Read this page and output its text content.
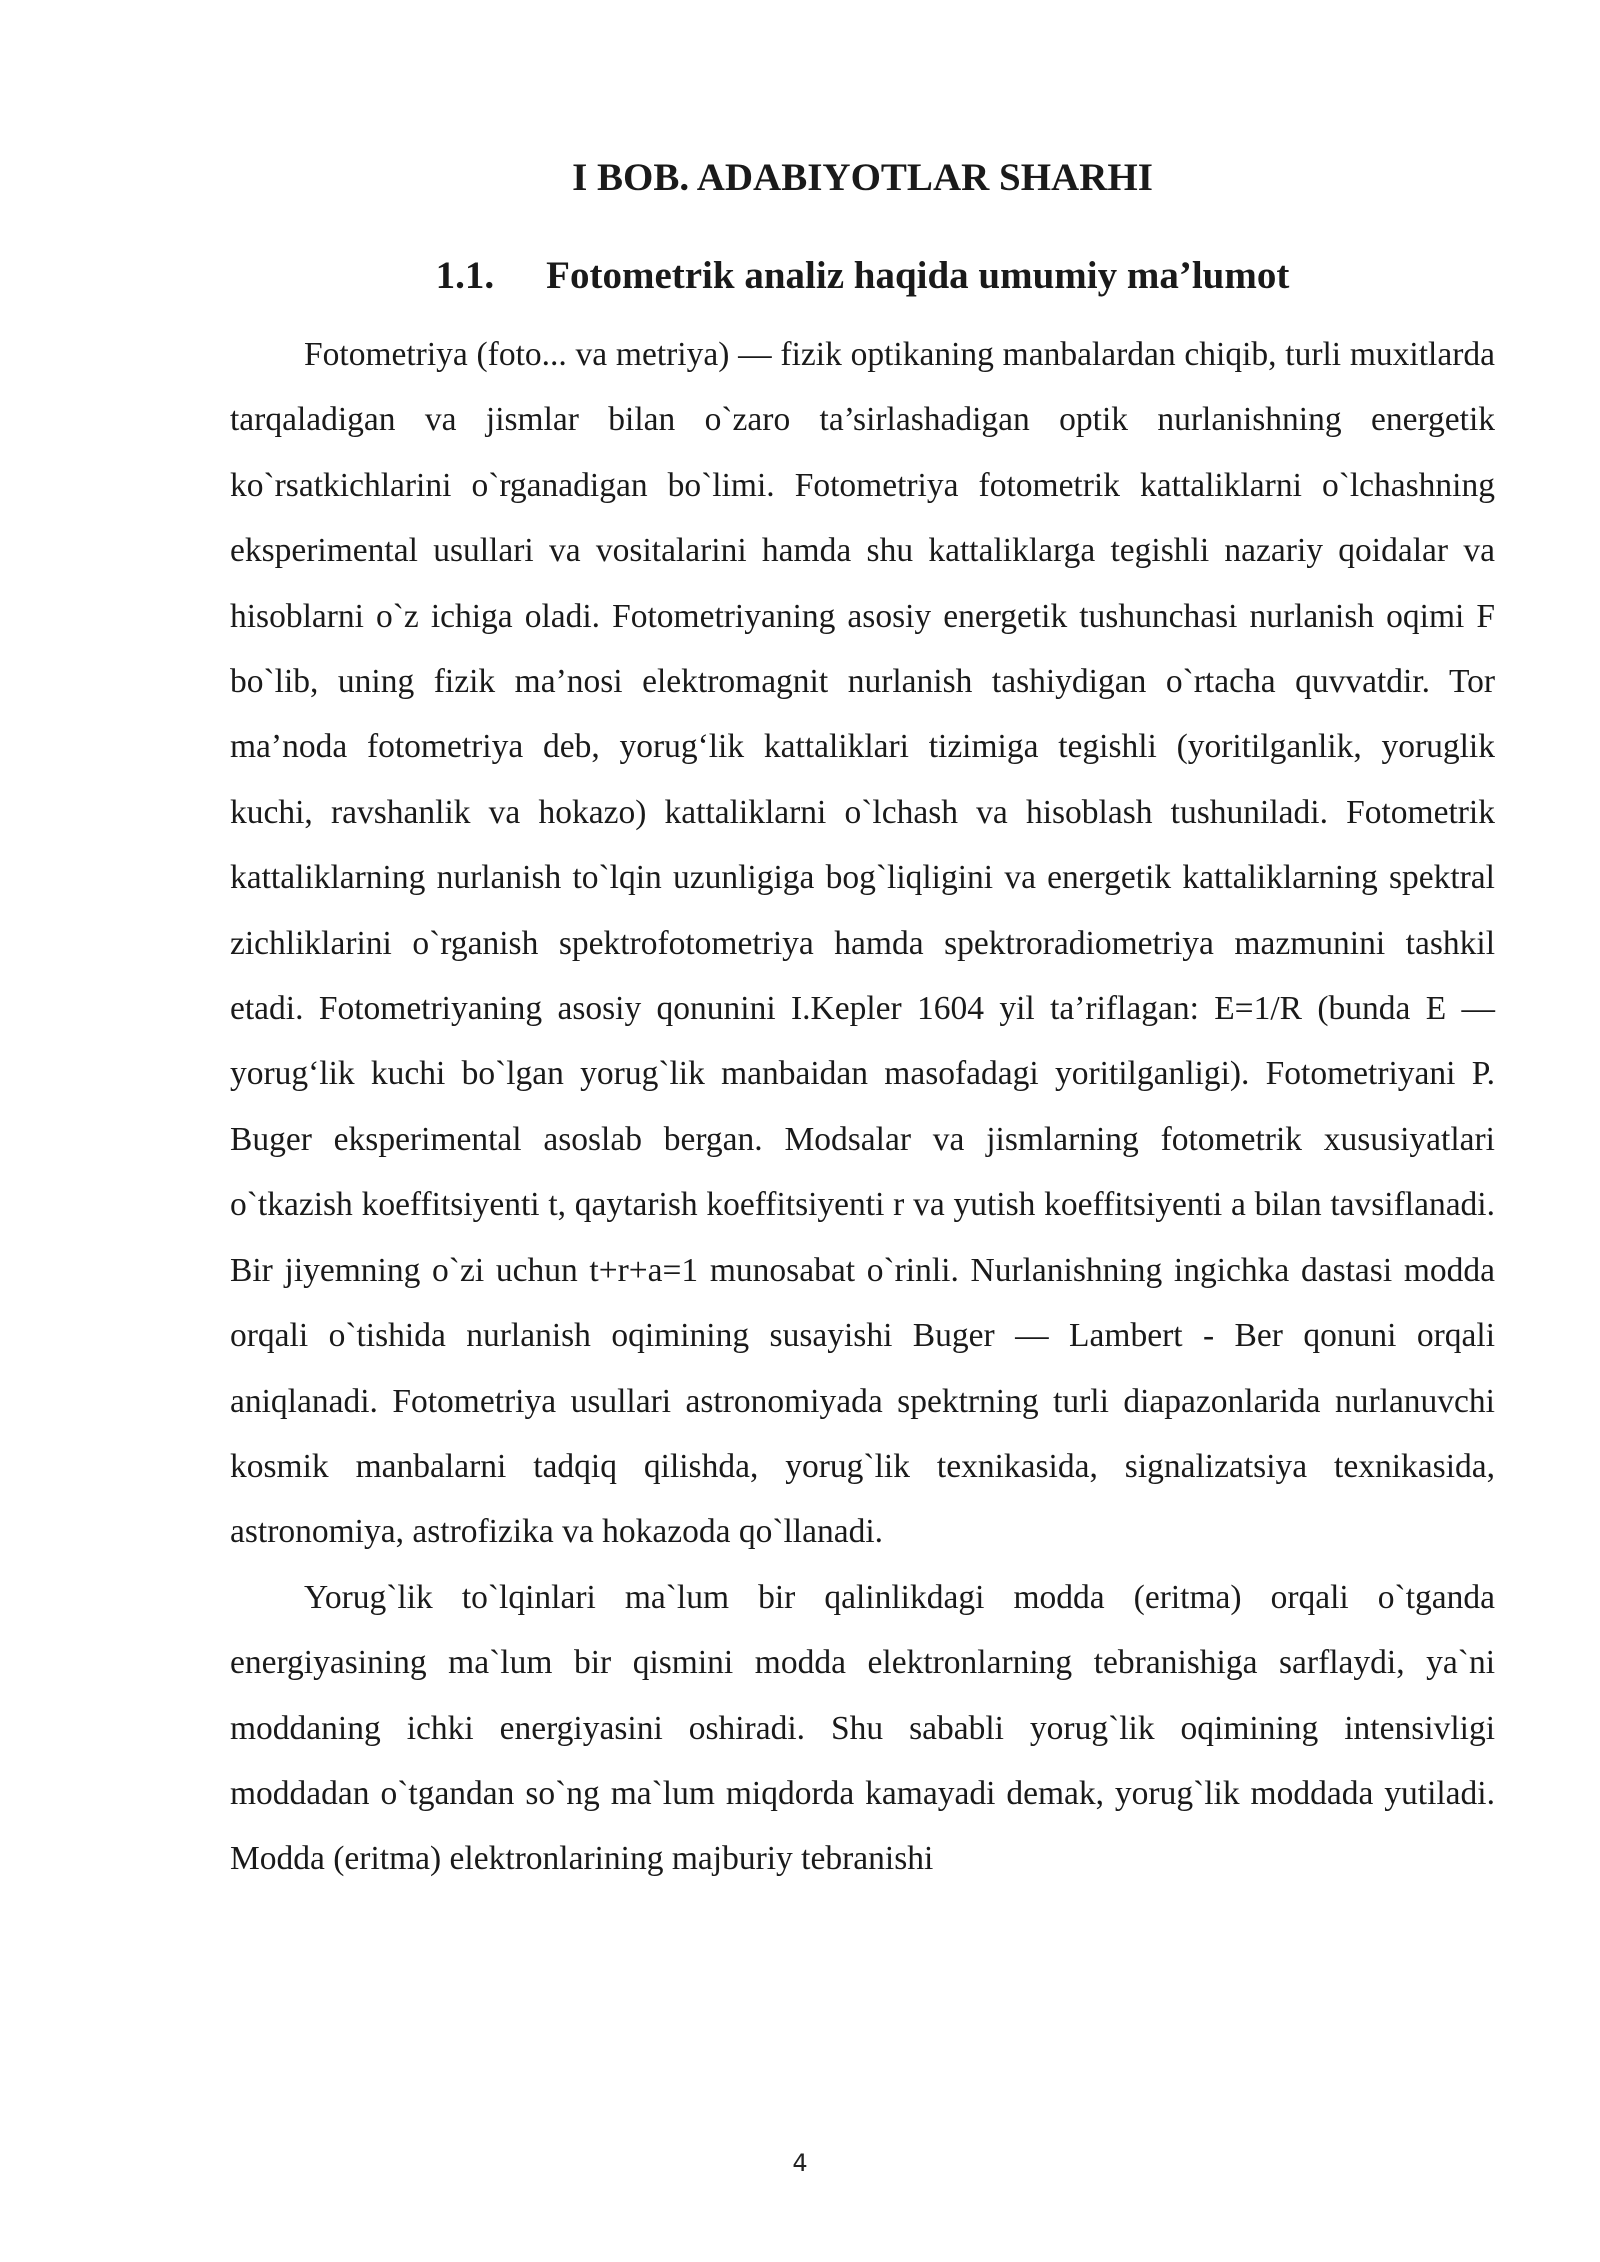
I BOB. ADABIYOTLAR SHARHI
1.1. Fotometrik analiz haqida umumiy ma’lumot

Fotometriya (foto... va metriya) — fizik optikaning manbalardan chiqib, turli muxitlarda tarqaladigan va jismlar bilan o`zaro ta’sirlashadigan optik nurlanishning energetik ko`rsatkichlarini o`rganadigan bo`limi. Fotometriya fotometrik kattaliklarni o`lchashning eksperimental usullari va vositalarini hamda shu kattaliklarga tegishli nazariy qoidalar va hisoblarni o`z ichiga oladi. Fotometriyaning asosiy energetik tushunchasi nurlanish oqimi F bo`lib, uning fizik ma’nosi elektromagnit nurlanish tashiydigan o`rtacha quvvatdir. Tor ma’noda fotometriya deb, yorug‘lik kattaliklari tizimiga tegishli (yoritilganlik, yoruglik kuchi, ravshanlik va hokazo) kattaliklarni o`lchash va hisoblash tushuniladi. Fotometrik kattaliklarning nurlanish to`lqin uzunligiga bog`liqligini va energetik kattaliklarning spektral zichliklarini o`rganish spektrofotometriya hamda spektroradiometriya mazmunini tashkil etadi. Fotometriyaning asosiy qonunini I.Kepler 1604 yil ta’riflagan: E=1/R (bunda E — yorug‘lik kuchi bo`lgan yorug`lik manbaidan masofadagi yoritilganligi). Fotometriyani P. Buger eksperimental asoslab bergan. Modsalar va jismlarning fotometrik xususiyatlari o`tkazish koeffitsiyenti t, qaytarish koeffitsiyenti r va yutish koeffitsiyenti a bilan tavsiflanadi. Bir jiyemning o`zi uchun t+r+a=1 munosabat o`rinli. Nurlanishning ingichka dastasi modda orqali o`tishida nurlanish oqimining susayishi Buger — Lambert - Ber qonuni orqali aniqlanadi. Fotometriya usullari astronomiyada spektrning turli diapazonlarida nurlanuvchi kosmik manbalarni tadqiq qilishda, yorug`lik texnikasida, signalizatsiya texnikasida, astronomiya, astrofizika va hokazoda qo`llanadi.

Yorug`lik to`lqinlari ma`lum bir qalinlikdagi modda (eritma) orqali o`tganda energiyasining ma`lum bir qismini modda elektronlarning tebranishiga sarflaydi, ya`ni moddaning ichki energiyasini oshiradi. Shu sababli yorug`lik oqimining intensivligi moddadan o`tgandan so`ng ma`lum miqdorda kamayadi demak, yorug`lik moddada yutiladi. Modda (eritma) elektronlarining majburiy tebranishi

4
